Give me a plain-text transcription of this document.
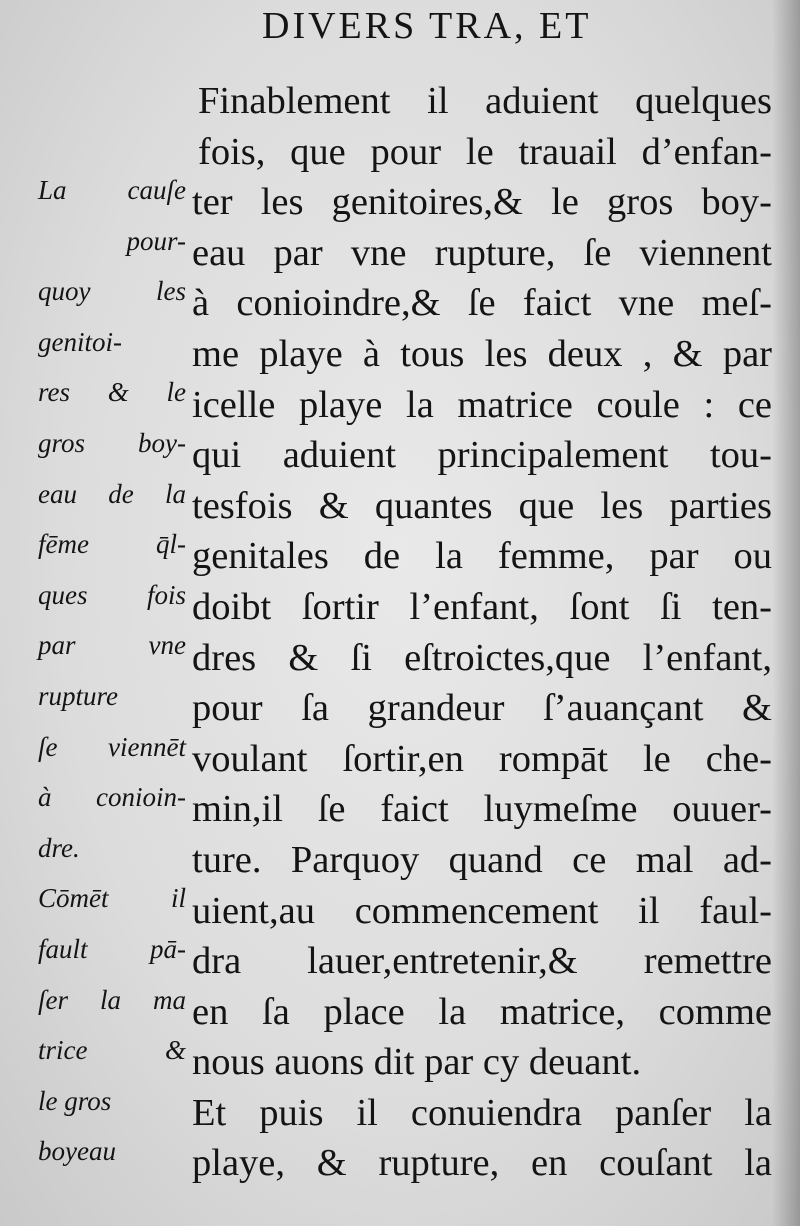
DIVERS TRA, ET
Finablement il aduient quelques
fois, que pour le trauail d’enfan-
ter les genitoires,& le gros boy-
eau par vne rupture, ſe viennent
à conioindre,& ſe faict vne meſ-
me playe à tous les deux , & par
icelle playe la matrice coule : ce
qui aduient principalement tou-
tesfois & quantes que les parties
genitales de la femme, par ou
doibt ſortir l’enfant, ſont ſi ten-
dres & ſi eſtroictes,que l’enfant,
pour ſa grandeur ſ’auançant &
voulant ſortir,en rompāt le che-
min,il ſe faict luymeſme ouuer-
ture. Parquoy quand ce mal ad-
uient,au commencement il faul-
dra lauer,entretenir,& remettre
en ſa place la matrice, comme
nous auons dit par cy deuant.
Et puis il conuiendra panſer la
playe, & rupture, en couſant la
La cauſe
pour-
quoy les
genitoi-
res & le
gros boy-
eau de la
fēme q̄l-
ques fois
par vne
rupture
ſe viennēt
à conioin-
dre.
Cōmēt il
fault pā-
ſer la ma
trice &
le gros
boyeau
